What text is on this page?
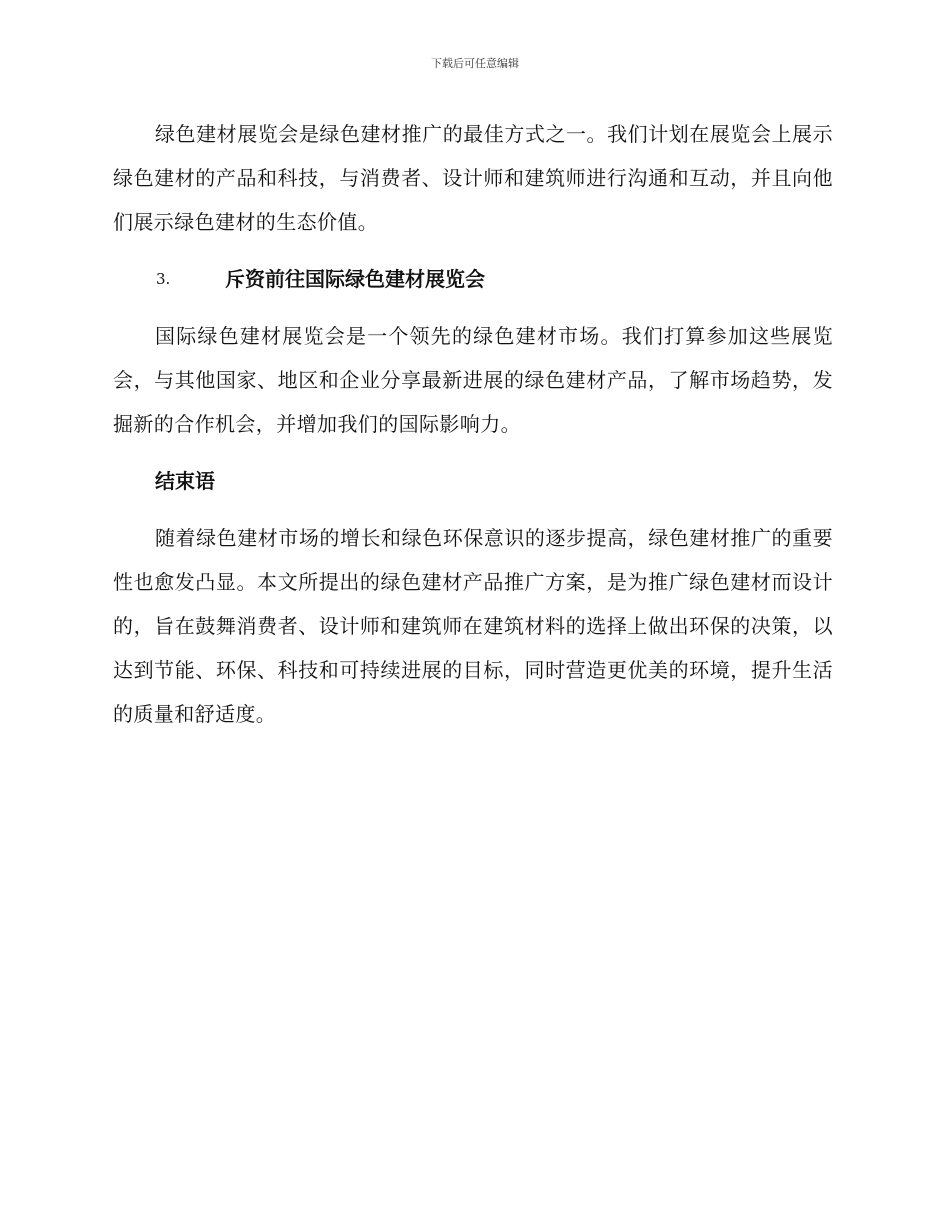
下载后可任意编辑

绿色建材展览会是绿色建材推广的最佳方式之一。我们计划在展览会上展示绿色建材的产品和科技，与消费者、设计师和建筑师进行沟通和互动，并且向他们展示绿色建材的生态价值。

3.	斥资前往国际绿色建材展览会

国际绿色建材展览会是一个领先的绿色建材市场。我们打算参加这些展览会，与其他国家、地区和企业分享最新进展的绿色建材产品，了解市场趋势，发掘新的合作机会，并增加我们的国际影响力。

结束语

随着绿色建材市场的增长和绿色环保意识的逐步提高，绿色建材推广的重要性也愈发凸显。本文所提出的绿色建材产品推广方案，是为推广绿色建材而设计的，旨在鼓舞消费者、设计师和建筑师在建筑材料的选择上做出环保的决策，以达到节能、环保、科技和可持续进展的目标，同时营造更优美的环境，提升生活的质量和舒适度。
